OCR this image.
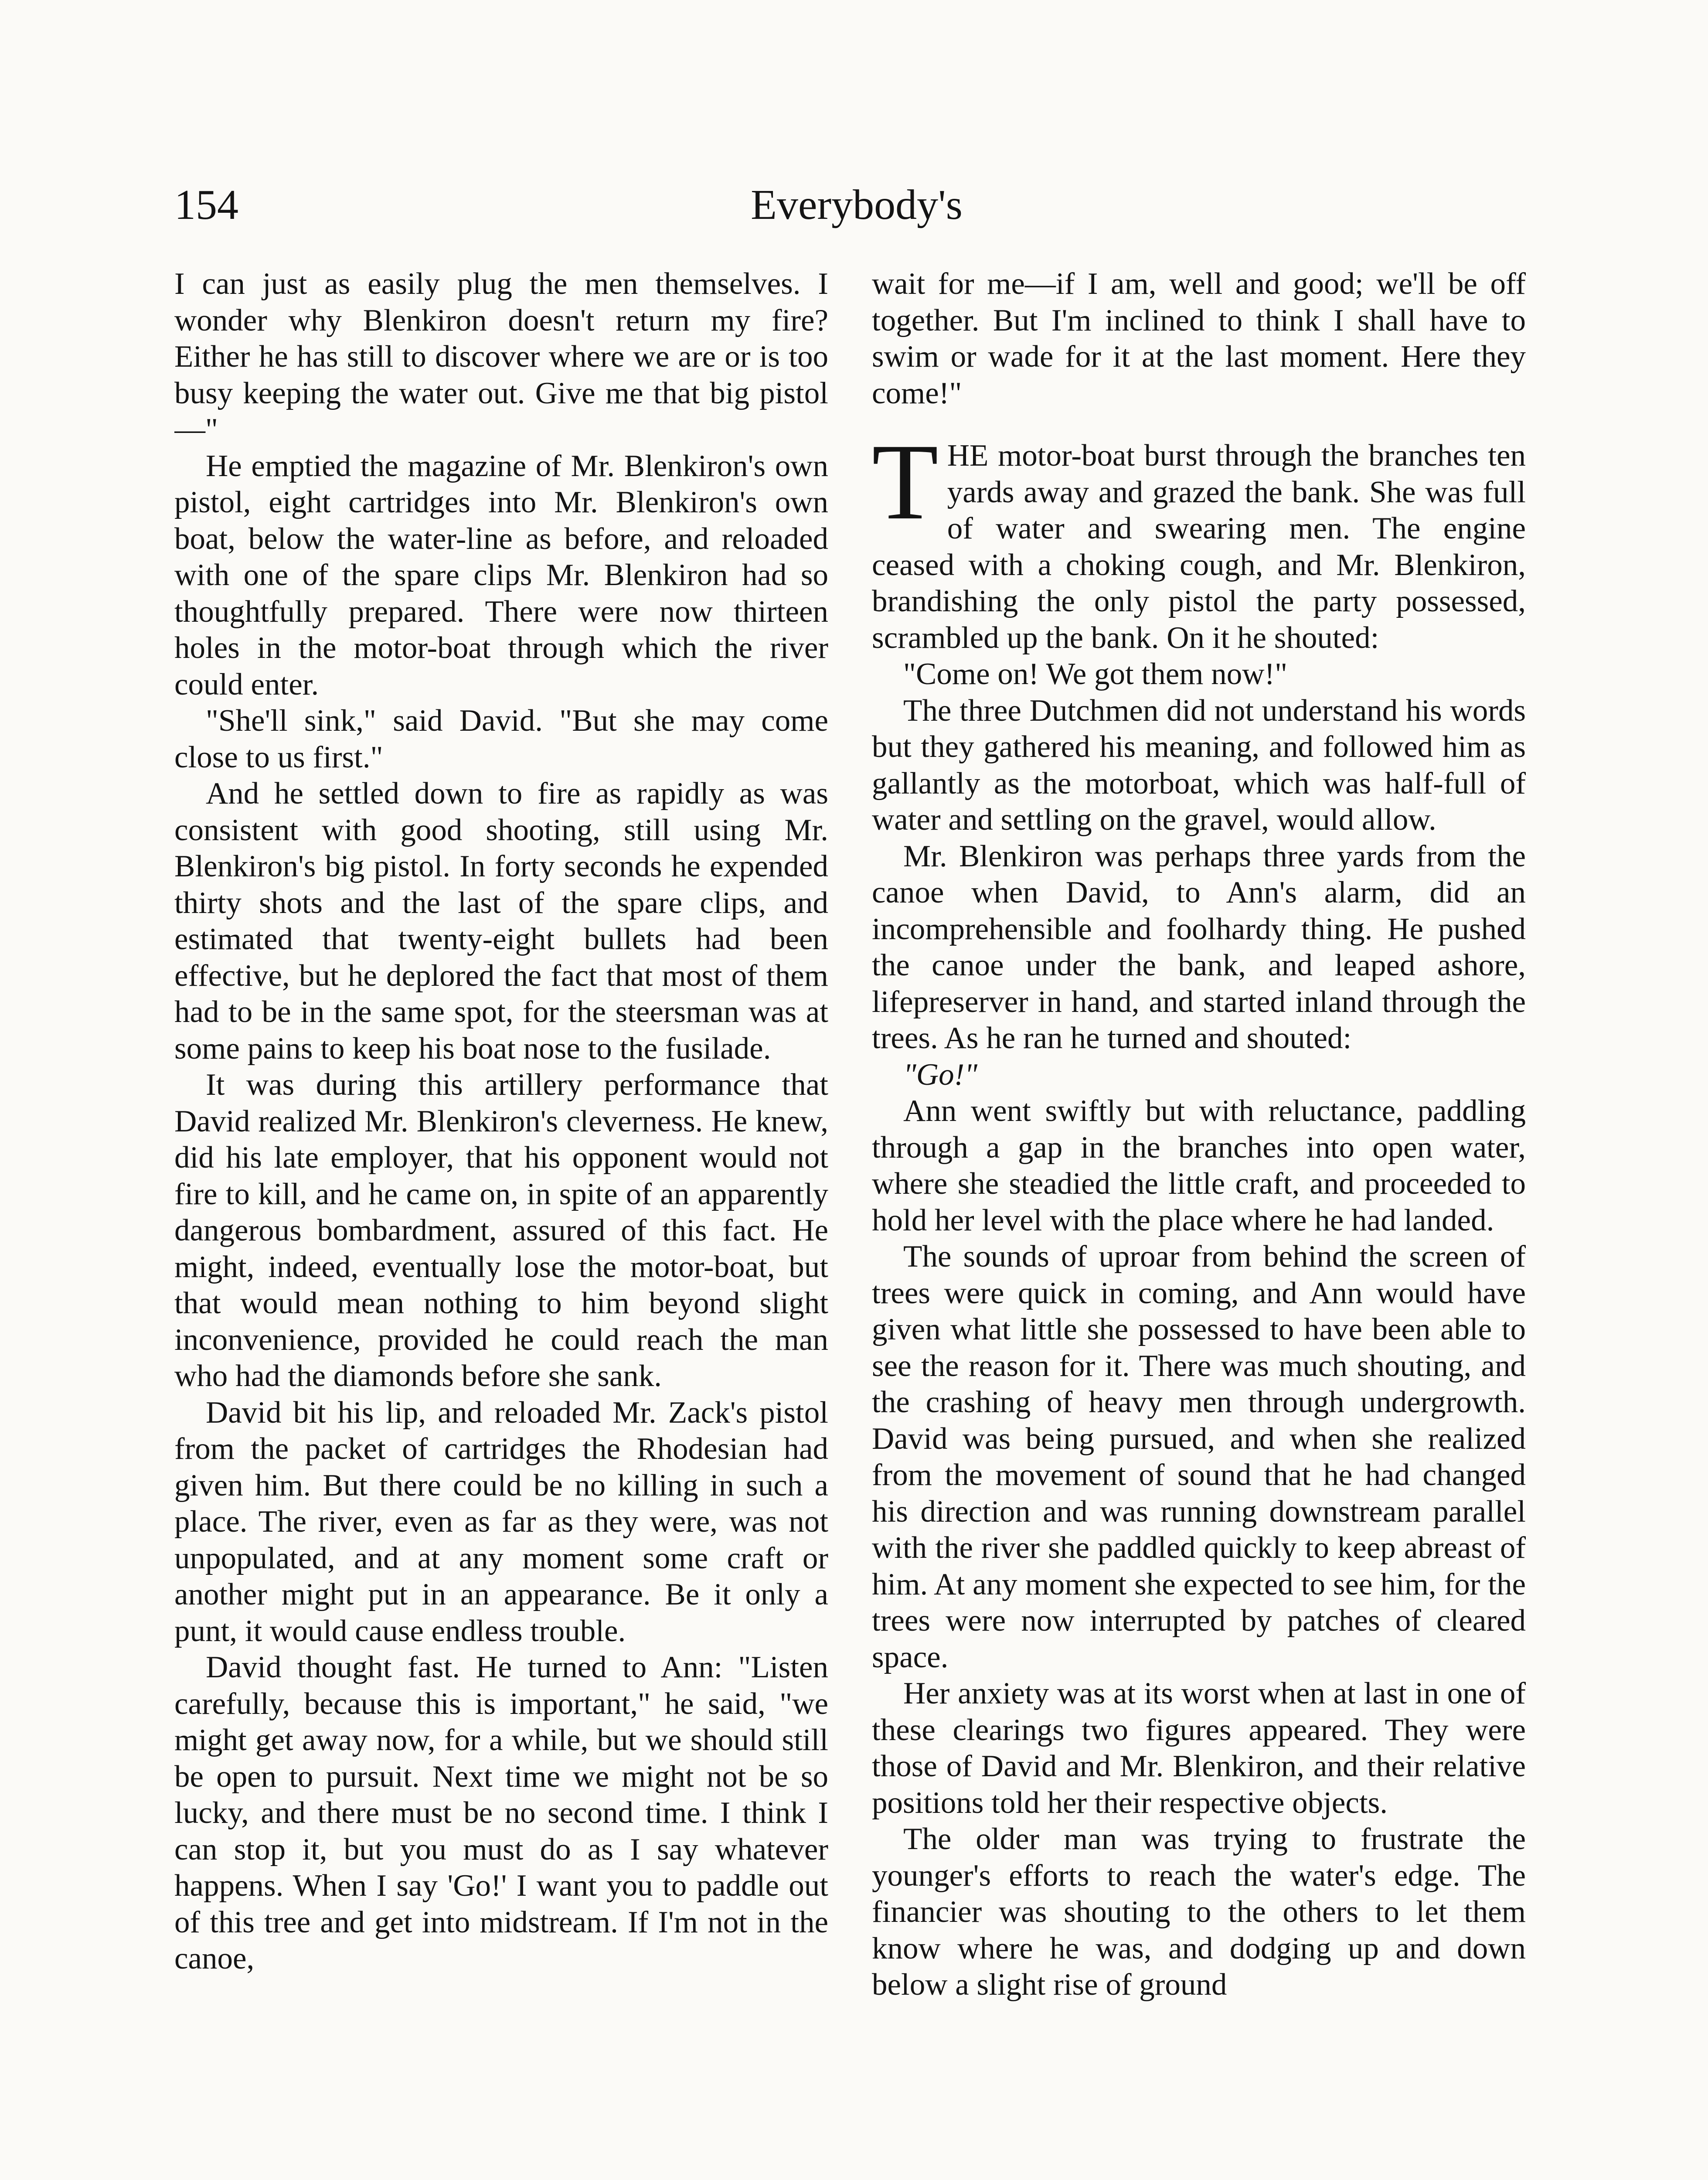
154	Everybody's

I can just as easily plug the men themselves. I wonder why Blenkiron doesn't return my fire? Either he has still to discover where we are or is too busy keeping the water out. Give me that big pistol—"

He emptied the magazine of Mr. Blenkiron's own pistol, eight cartridges into Mr. Blenkiron's own boat, below the water-line as before, and reloaded with one of the spare clips Mr. Blenkiron had so thoughtfully prepared. There were now thirteen holes in the motor-boat through which the river could enter.

"She'll sink," said David. "But she may come close to us first."

And he settled down to fire as rapidly as was consistent with good shooting, still using Mr. Blenkiron's big pistol. In forty seconds he expended thirty shots and the last of the spare clips, and estimated that twenty-eight bullets had been effective, but he deplored the fact that most of them had to be in the same spot, for the steersman was at some pains to keep his boat nose to the fusilade.

It was during this artillery performance that David realized Mr. Blenkiron's cleverness. He knew, did his late employer, that his opponent would not fire to kill, and he came on, in spite of an apparently dangerous bombardment, assured of this fact. He might, indeed, eventually lose the motor-boat, but that would mean nothing to him beyond slight inconvenience, provided he could reach the man who had the diamonds before she sank.

David bit his lip, and reloaded Mr. Zack's pistol from the packet of cartridges the Rhodesian had given him. But there could be no killing in such a place. The river, even as far as they were, was not unpopulated, and at any moment some craft or another might put in an appearance. Be it only a punt, it would cause endless trouble.

David thought fast. He turned to Ann: "Listen carefully, because this is important," he said, "we might get away now, for a while, but we should still be open to pursuit. Next time we might not be so lucky, and there must be no second time. I think I can stop it, but you must do as I say whatever happens. When I say 'Go!' I want you to paddle out of this tree and get into midstream. If I'm not in the canoe,

wait for me—if I am, well and good; we'll be off together. But I'm inclined to think I shall have to swim or wade for it at the last moment. Here they come!"

THE motor-boat burst through the branches ten yards away and grazed the bank. She was full of water and swearing men. The engine ceased with a choking cough, and Mr. Blenkiron, brandishing the only pistol the party possessed, scrambled up the bank. On it he shouted:

"Come on! We got them now!"

The three Dutchmen did not understand his words but they gathered his meaning, and followed him as gallantly as the motorboat, which was half-full of water and settling on the gravel, would allow.

Mr. Blenkiron was perhaps three yards from the canoe when David, to Ann's alarm, did an incomprehensible and foolhardy thing. He pushed the canoe under the bank, and leaped ashore, lifepreserver in hand, and started inland through the trees. As he ran he turned and shouted:

"Go!"

Ann went swiftly but with reluctance, paddling through a gap in the branches into open water, where she steadied the little craft, and proceeded to hold her level with the place where he had landed.

The sounds of uproar from behind the screen of trees were quick in coming, and Ann would have given what little she possessed to have been able to see the reason for it. There was much shouting, and the crashing of heavy men through undergrowth. David was being pursued, and when she realized from the movement of sound that he had changed his direction and was running downstream parallel with the river she paddled quickly to keep abreast of him. At any moment she expected to see him, for the trees were now interrupted by patches of cleared space.

Her anxiety was at its worst when at last in one of these clearings two figures appeared. They were those of David and Mr. Blenkiron, and their relative positions told her their respective objects.

The older man was trying to frustrate the younger's efforts to reach the water's edge. The financier was shouting to the others to let them know where he was, and dodging up and down below a slight rise of ground
